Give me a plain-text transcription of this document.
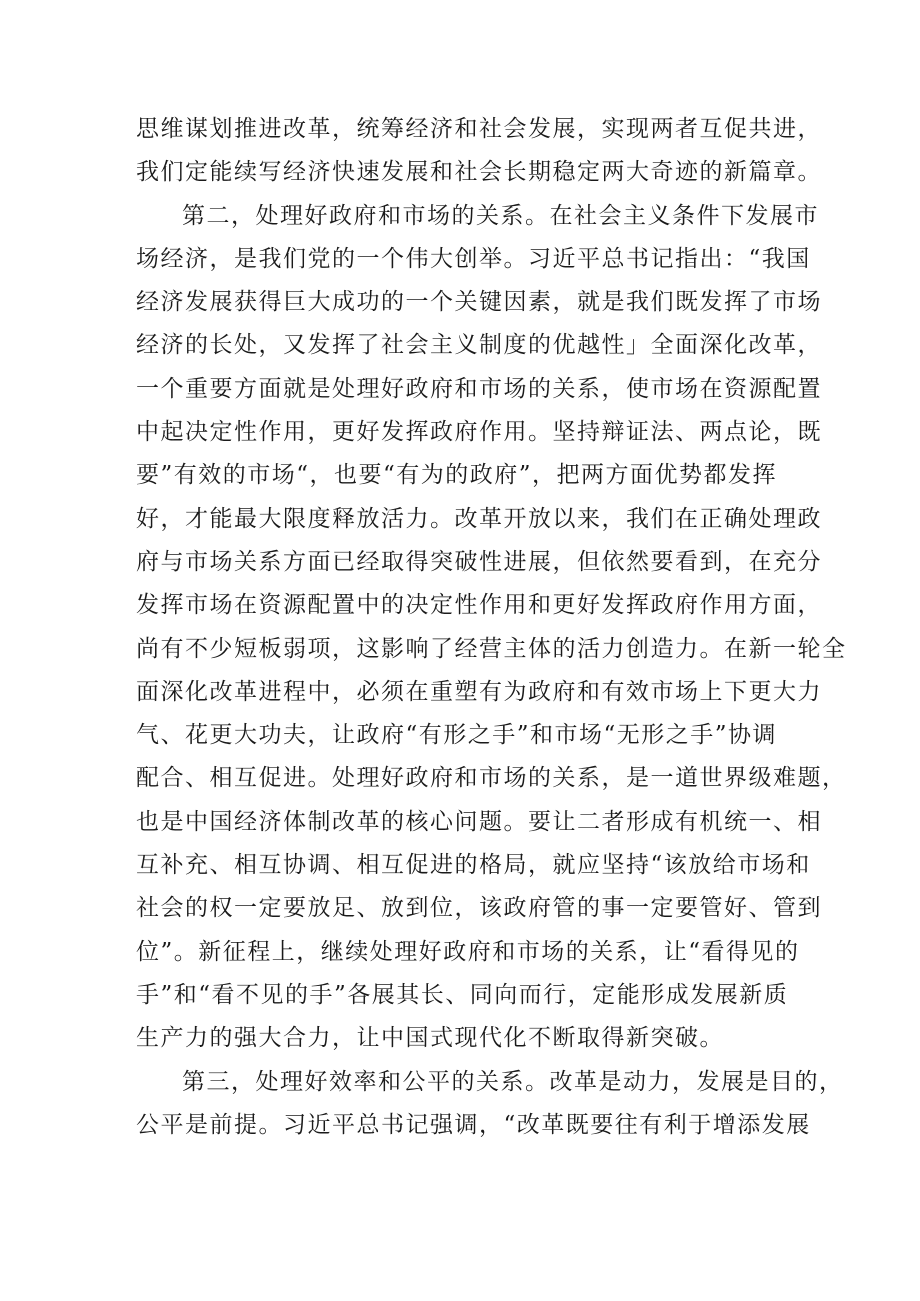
思维谋划推进改革，统筹经济和社会发展，实现两者互促共进，
我们定能续写经济快速发展和社会长期稳定两大奇迹的新篇章。
第二，处理好政府和市场的关系。在社会主义条件下发展市
场经济，是我们党的一个伟大创举。习近平总书记指出：“我国
经济发展获得巨大成功的一个关键因素，就是我们既发挥了市场
经济的长处，又发挥了社会主义制度的优越性」全面深化改革，
一个重要方面就是处理好政府和市场的关系，使市场在资源配置
中起决定性作用，更好发挥政府作用。坚持辩证法、两点论，既
要”有效的市场“，也要“有为的政府”，把两方面优势都发挥
好，才能最大限度释放活力。改革开放以来，我们在正确处理政
府与市场关系方面已经取得突破性进展，但依然要看到，在充分
发挥市场在资源配置中的决定性作用和更好发挥政府作用方面，
尚有不少短板弱项，这影响了经营主体的活力创造力。在新一轮全
面深化改革进程中，必须在重塑有为政府和有效市场上下更大力
气、花更大功夫，让政府“有形之手”和市场“无形之手”协调
配合、相互促进。处理好政府和市场的关系，是一道世界级难题，
也是中国经济体制改革的核心问题。要让二者形成有机统一、相
互补充、相互协调、相互促进的格局，就应坚持“该放给市场和
社会的权一定要放足、放到位，该政府管的事一定要管好、管到
位”。新征程上，继续处理好政府和市场的关系，让“看得见的
手”和“看不见的手”各展其长、同向而行，定能形成发展新质
生产力的强大合力，让中国式现代化不断取得新突破。
第三，处理好效率和公平的关系。改革是动力，发展是目的，
公平是前提。习近平总书记强调，“改革既要往有利于增添发展
